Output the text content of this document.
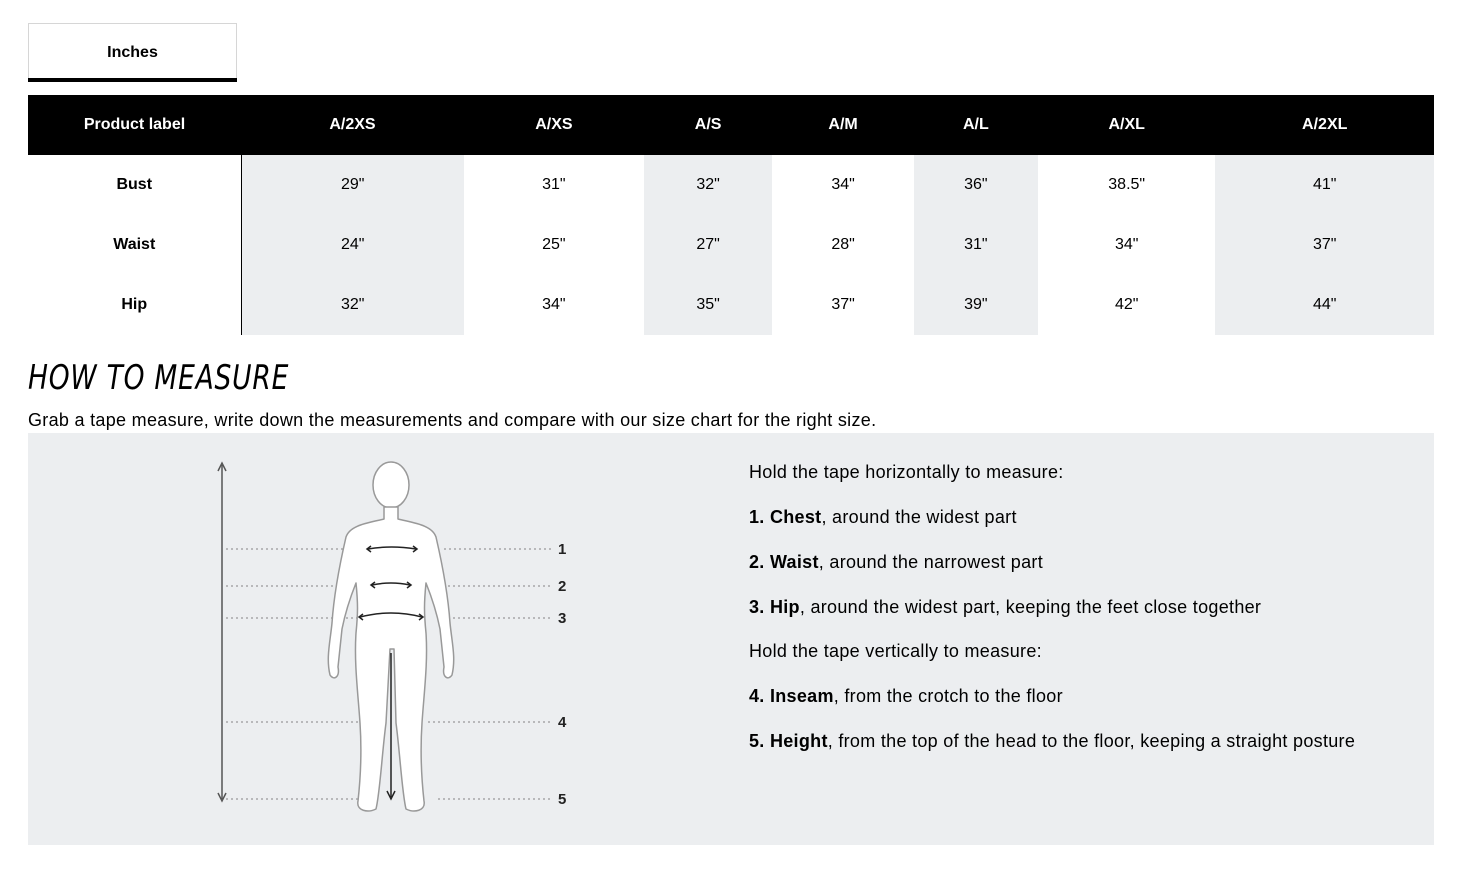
Inches
Product label	A/2XS	A/XS	A/S	A/M	A/L	A/XL	A/2XL
Bust	29"	31"	32"	34"	36"	38.5"	41"
Waist	24"	25"	27"	28"	31"	34"	37"
Hip	32"	34"	35"	37"	39"	42"	44"
HOW TO MEASURE

Grab a tape measure, write down the measurements and compare with our size chart for the right size.

1
2
3
4
5
Hold the tape horizontally to measure:
1. Chest, around the widest part
2. Waist, around the narrowest part
3. Hip, around the widest part, keeping the feet close together
Hold the tape vertically to measure:
4. Inseam, from the crotch to the floor
5. Height, from the top of the head to the floor, keeping a straight posture
